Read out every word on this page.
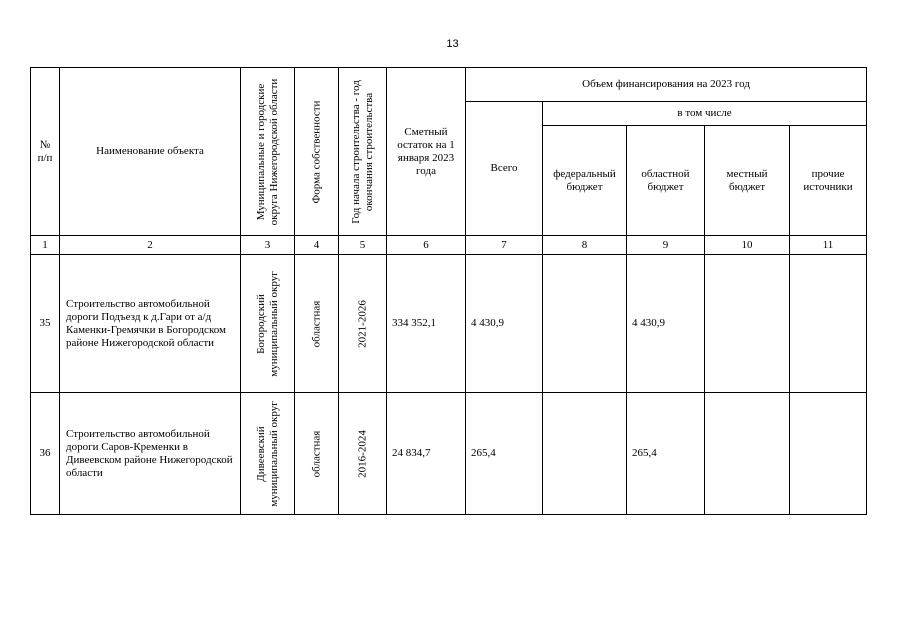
13
№
п/п	Наименование объекта	Муниципальные и городские округа Нижегородской области	Форма собственности	Год начала строительства - год окончания строительства	Сметный остаток на 1 января 2023 года	Объем финансирования на 2023 год				
						Всего	в том числе			

							федеральный бюджет	областной бюджет	местный бюджет	прочие источники

1	2	3	4	5	6	7	8	9	10	11
35	Строительство автомобильной дороги Подъезд к д.Гари от а/д Каменки-Гремячки в Богородском районе Нижегородской области	Богородский муниципальный округ	областная	2021-2026	334 352,1	4 430,9		4 430,9		
36	Строительство автомобильной дороги Саров-Кременки в Дивеевском районе Нижегородской области	Дивеевский муниципальный округ	областная	2016-2024	24 834,7	265,4		265,4		
